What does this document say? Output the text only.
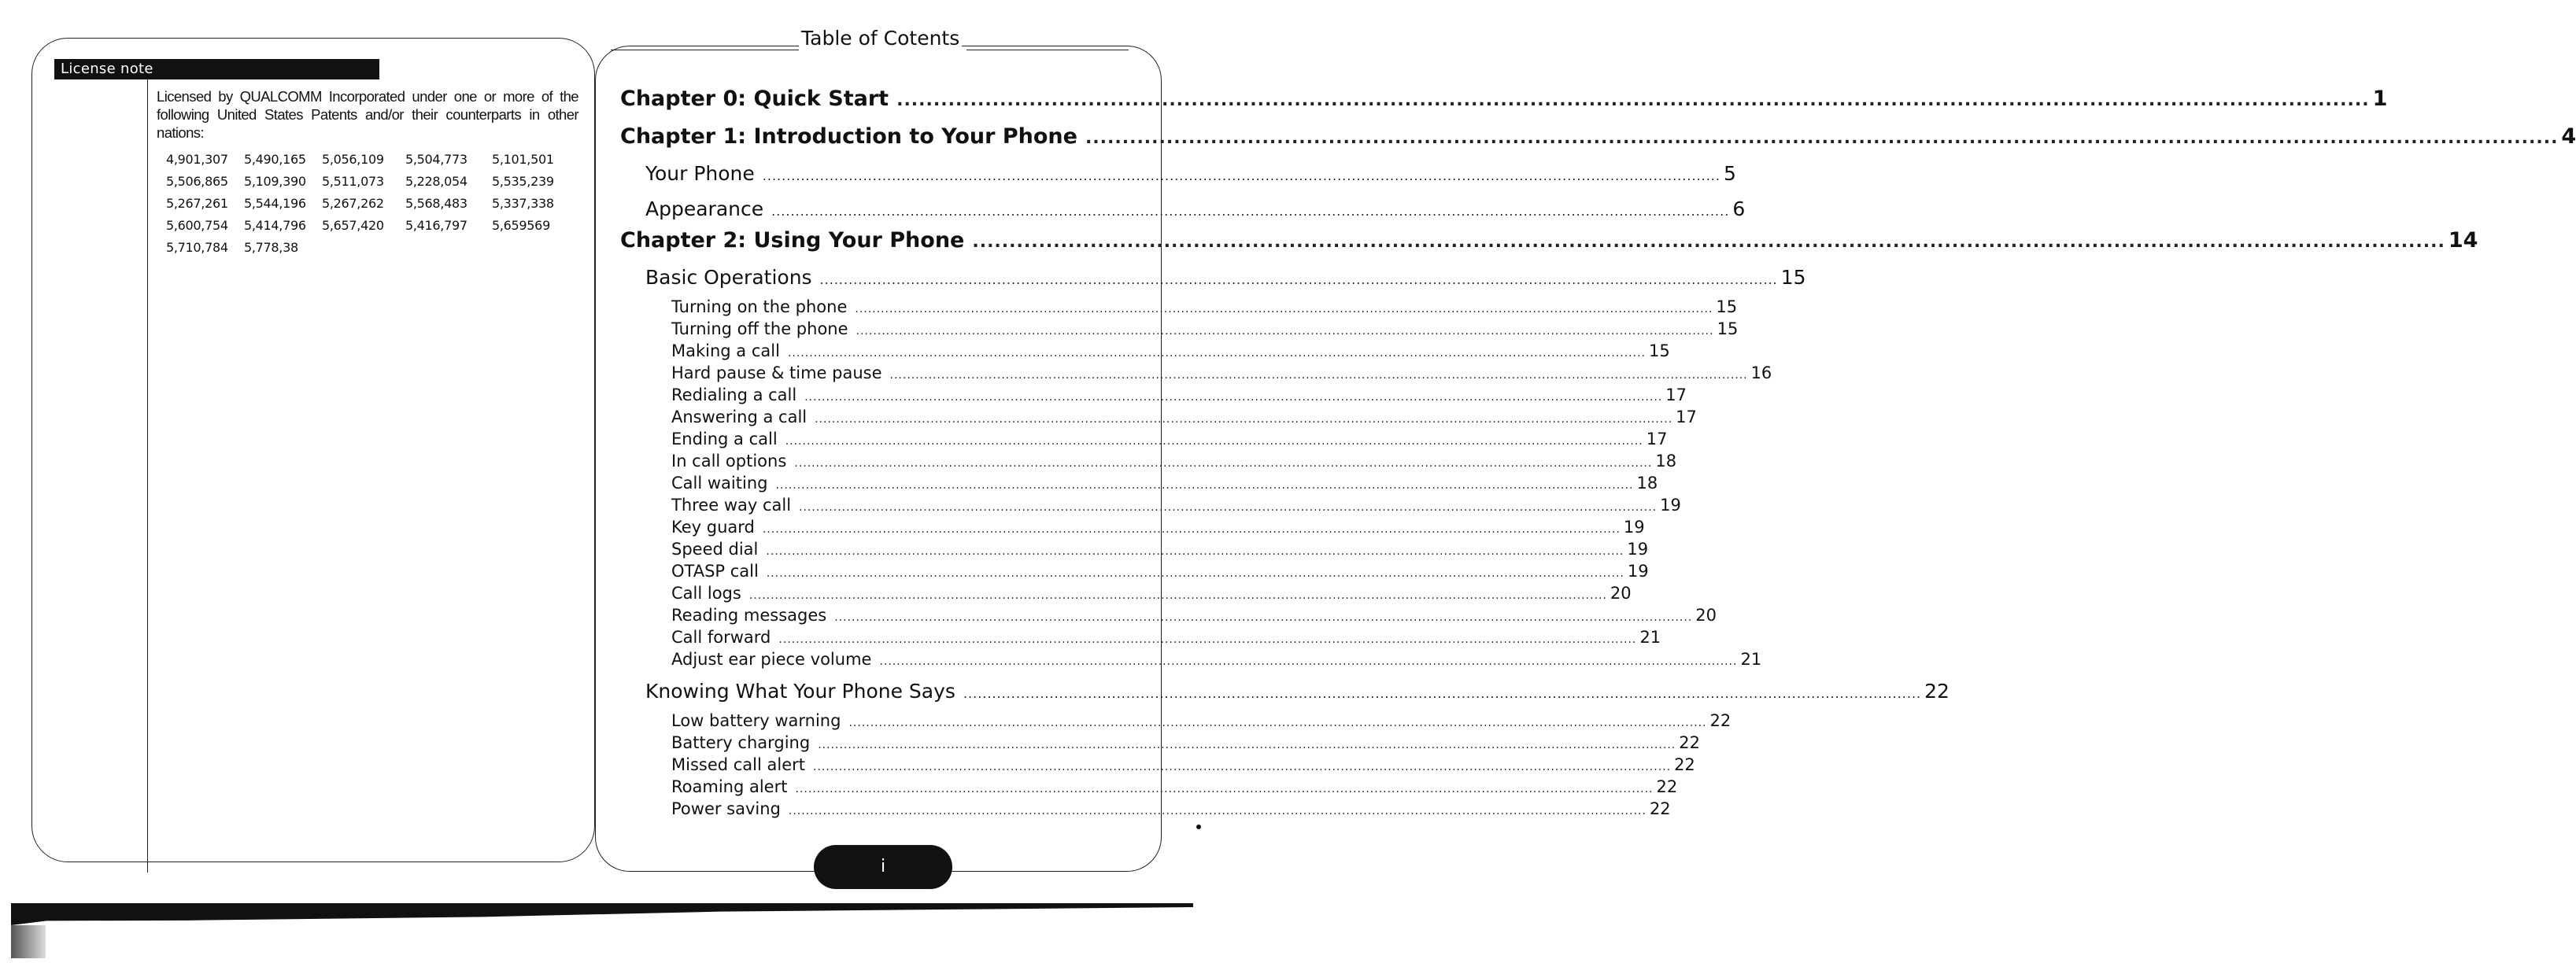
License note
Licensed by QUALCOMM Incorporated under one or more of the following United States Patents and/or their counterparts in other nations:
4,901,307	5,490,165	5,056,109	5,504,773	5,101,501
5,506,865	5,109,390	5,511,073	5,228,054	5,535,239
5,267,261	5,544,196	5,267,262	5,568,483	5,337,338
5,600,754	5,414,796	5,657,420	5,416,797	5,659569
5,710,784	5,778,38
Table of Cotents
Chapter 0: Quick Start ........................................................................................................................................................................................................ 1
Chapter 1: Introduction to Your Phone ........................................................................................................................................................................................................ 4
Your Phone ........................................................................................................................................................................................................ 5
Appearance ........................................................................................................................................................................................................ 6
Chapter 2: Using Your Phone ........................................................................................................................................................................................................ 14
Basic Operations ........................................................................................................................................................................................................ 15
Turning on the phone ........................................................................................................................................................................................................ 15
Turning off the phone ........................................................................................................................................................................................................ 15
Making a call ........................................................................................................................................................................................................ 15
Hard pause & time pause ........................................................................................................................................................................................................ 16
Redialing a call ........................................................................................................................................................................................................ 17
Answering a call ........................................................................................................................................................................................................ 17
Ending a call ........................................................................................................................................................................................................ 17
In call options ........................................................................................................................................................................................................ 18
Call waiting ........................................................................................................................................................................................................ 18
Three way call ........................................................................................................................................................................................................ 19
Key guard ........................................................................................................................................................................................................ 19
Speed dial ........................................................................................................................................................................................................ 19
OTASP call ........................................................................................................................................................................................................ 19
Call logs ........................................................................................................................................................................................................ 20
Reading messages ........................................................................................................................................................................................................ 20
Call forward ........................................................................................................................................................................................................ 21
Adjust ear piece volume ........................................................................................................................................................................................................ 21
Knowing What Your Phone Says ........................................................................................................................................................................................................ 22
Low battery warning ........................................................................................................................................................................................................ 22
Battery charging ........................................................................................................................................................................................................ 22
Missed call alert ........................................................................................................................................................................................................ 22
Roaming alert ........................................................................................................................................................................................................ 22
Power saving ........................................................................................................................................................................................................ 22
i
